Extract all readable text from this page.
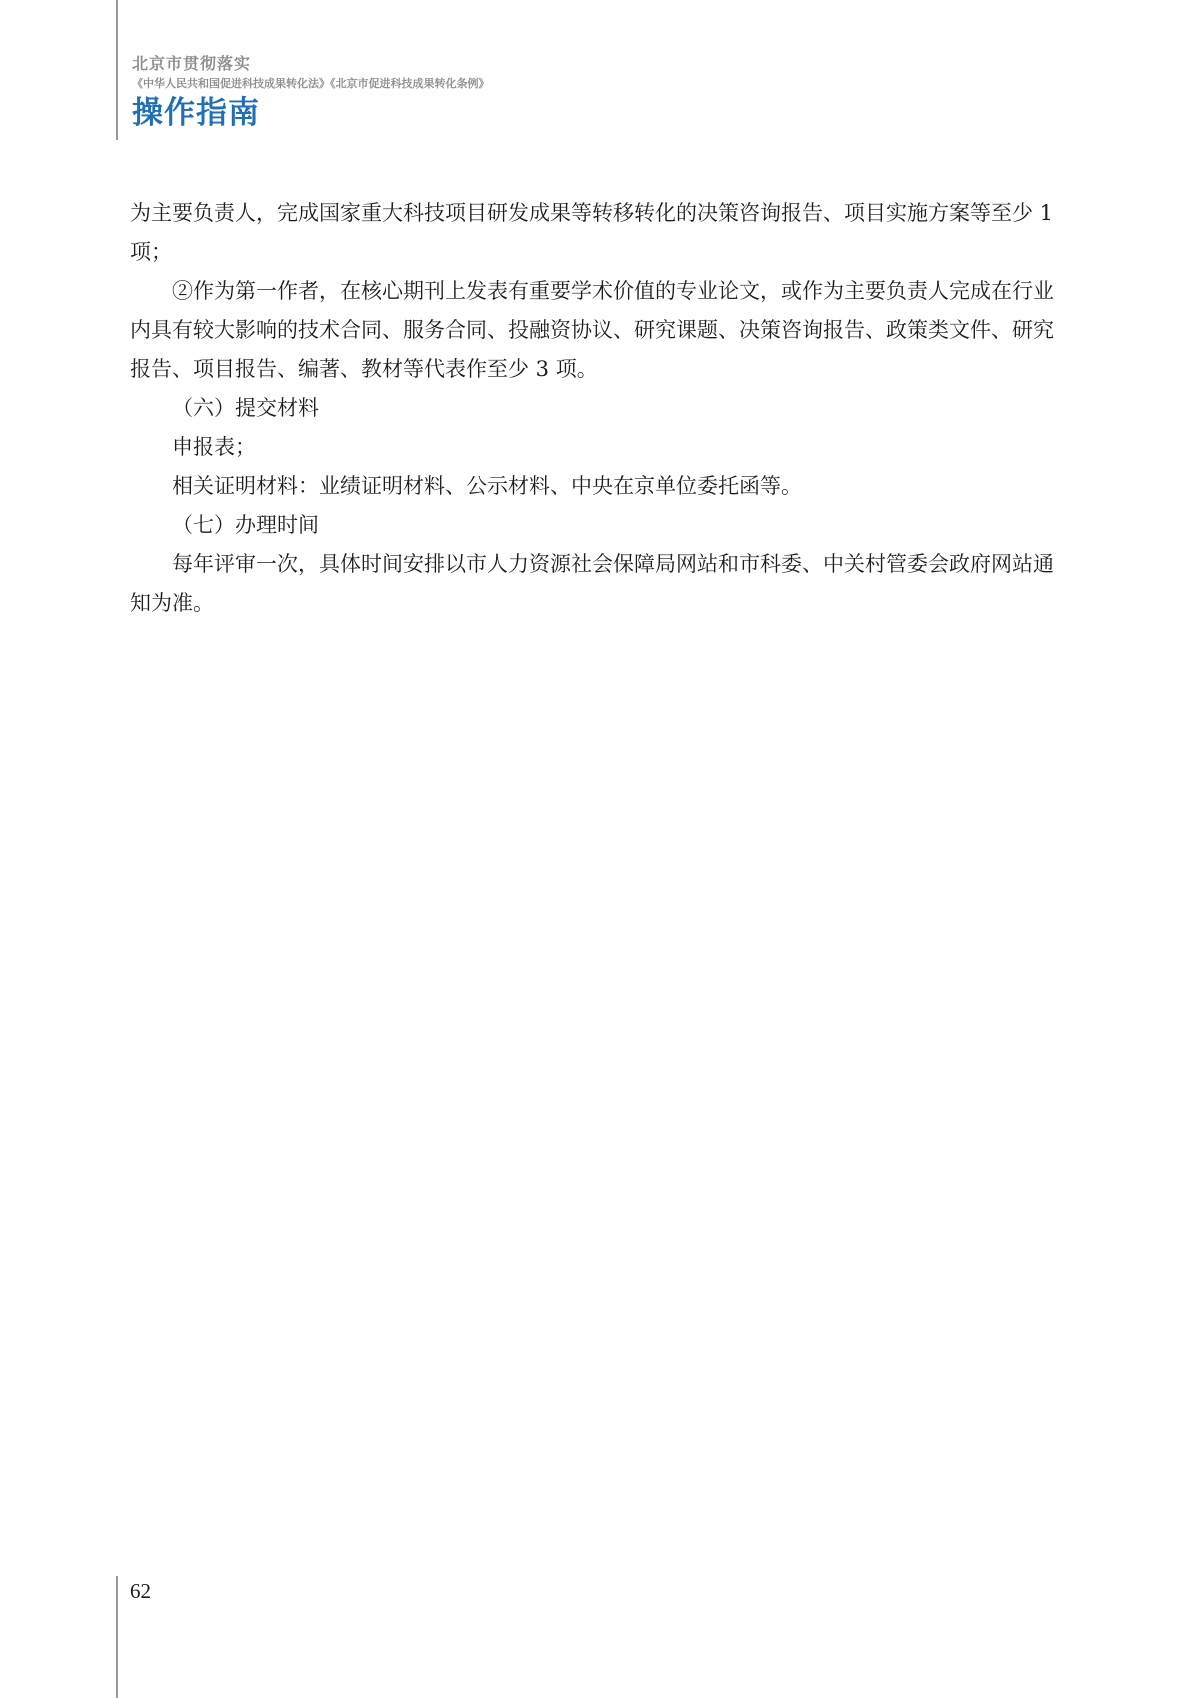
北京市贯彻落实
《中华人民共和国促进科技成果转化法》《北京市促进科技成果转化条例》
操作指南

为主要负责人，完成国家重大科技项目研发成果等转移转化的决策咨询报告、项目实施方案等至少 1 项；

②作为第一作者，在核心期刊上发表有重要学术价值的专业论文，或作为主要负责人完成在行业内具有较大影响的技术合同、服务合同、投融资协议、研究课题、决策咨询报告、政策类文件、研究报告、项目报告、编著、教材等代表作至少 3 项。

（六）提交材料

申报表；

相关证明材料：业绩证明材料、公示材料、中央在京单位委托函等。

（七）办理时间

每年评审一次，具体时间安排以市人力资源社会保障局网站和市科委、中关村管委会政府网站通知为准。

62
